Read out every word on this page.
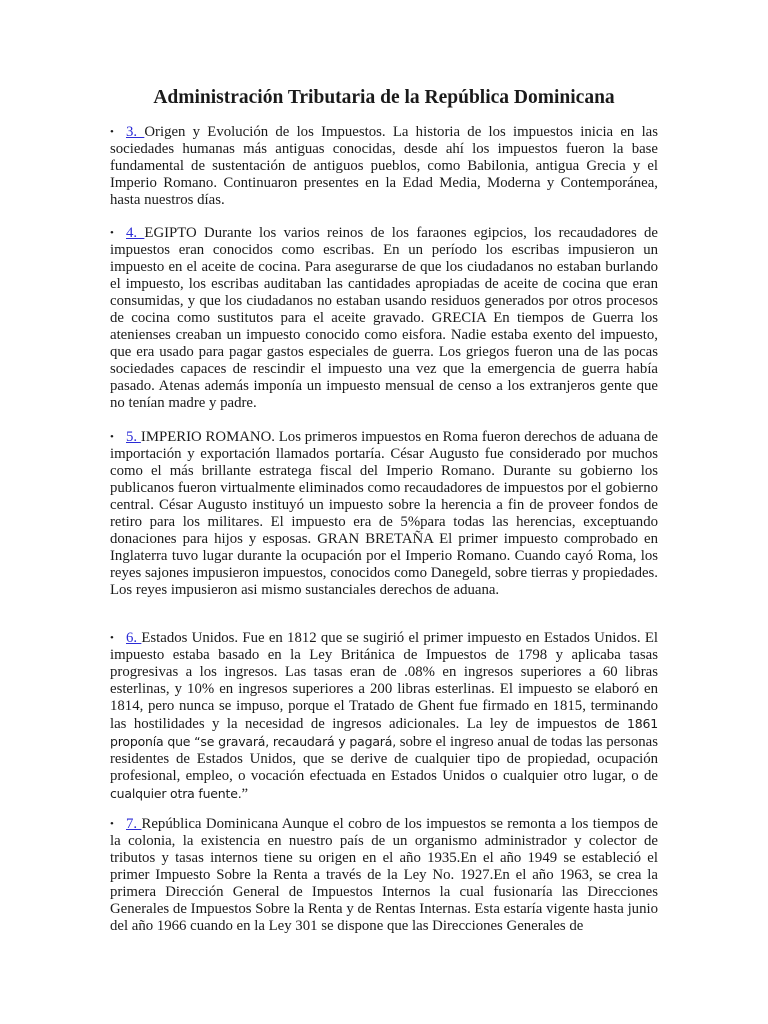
Administración Tributaria de la República Dominicana

•3. Origen y Evolución de los Impuestos. La historia de los impuestos inicia en las sociedades humanas más antiguas conocidas, desde ahí los impuestos fueron la base fundamental de sustentación de antiguos pueblos, como Babilonia, antigua Grecia y el Imperio Romano. Continuaron presentes en la Edad Media, Moderna y Contemporánea, hasta nuestros días.

•4. EGIPTO Durante los varios reinos de los faraones egipcios, los recaudadores de impuestos eran conocidos como escribas. En un período los escribas impusieron un impuesto en el aceite de cocina. Para asegurarse de que los ciudadanos no estaban burlando el impuesto, los escribas auditaban las cantidades apropiadas de aceite de cocina que eran consumidas, y que los ciudadanos no estaban usando residuos generados por otros procesos de cocina como sustitutos para el aceite gravado. GRECIA En tiempos de Guerra los atenienses creaban un impuesto conocido como eisfora. Nadie estaba exento del impuesto, que era usado para pagar gastos especiales de guerra. Los griegos fueron una de las pocas sociedades capaces de rescindir el impuesto una vez que la emergencia de guerra había pasado. Atenas además imponía un impuesto mensual de censo a los extranjeros gente que no tenían madre y padre.

•5. IMPERIO ROMANO. Los primeros impuestos en Roma fueron derechos de aduana de importación y exportación llamados portaría. César Augusto fue considerado por muchos como el más brillante estratega fiscal del Imperio Romano. Durante su gobierno los publicanos fueron virtualmente eliminados como recaudadores de impuestos por el gobierno central. César Augusto instituyó un impuesto sobre la herencia a fin de proveer fondos de retiro para los militares. El impuesto era de 5%para todas las herencias, exceptuando donaciones para hijos y esposas. GRAN BRETAÑA El primer impuesto comprobado en Inglaterra tuvo lugar durante la ocupación por el Imperio Romano. Cuando cayó Roma, los reyes sajones impusieron impuestos, conocidos como Danegeld, sobre tierras y propiedades. Los reyes impusieron asi mismo sustanciales derechos de aduana.

•6. Estados Unidos. Fue en 1812 que se sugirió el primer impuesto en Estados Unidos. El impuesto estaba basado en la Ley Británica de Impuestos de 1798 y aplicaba tasas progresivas a los ingresos. Las tasas eran de .08% en ingresos superiores a 60 libras esterlinas, y 10% en ingresos superiores a 200 libras esterlinas. El impuesto se elaboró en 1814, pero nunca se impuso, porque el Tratado de Ghent fue firmado en 1815, terminando las hostilidades y la necesidad de ingresos adicionales. La ley de impuestos de 1861 proponía que “se gravará, recaudará y pagará, sobre el ingreso anual de todas las personas residentes de Estados Unidos, que se derive de cualquier tipo de propiedad, ocupación profesional, empleo, o vocación efectuada en Estados Unidos o cualquier otro lugar, o de cualquier otra fuente.”

•7. República Dominicana Aunque el cobro de los impuestos se remonta a los tiempos de la colonia, la existencia en nuestro país de un organismo administrador y colector de tributos y tasas internos tiene su origen en el año 1935.En el año 1949 se estableció el primer Impuesto Sobre la Renta a través de la Ley No. 1927.En el año 1963, se crea la primera Dirección General de Impuestos Internos la cual fusionaría las Direcciones Generales de Impuestos Sobre la Renta y de Rentas Internas. Esta estaría vigente hasta junio del año 1966 cuando en la Ley 301 se dispone que las Direcciones Generales de
